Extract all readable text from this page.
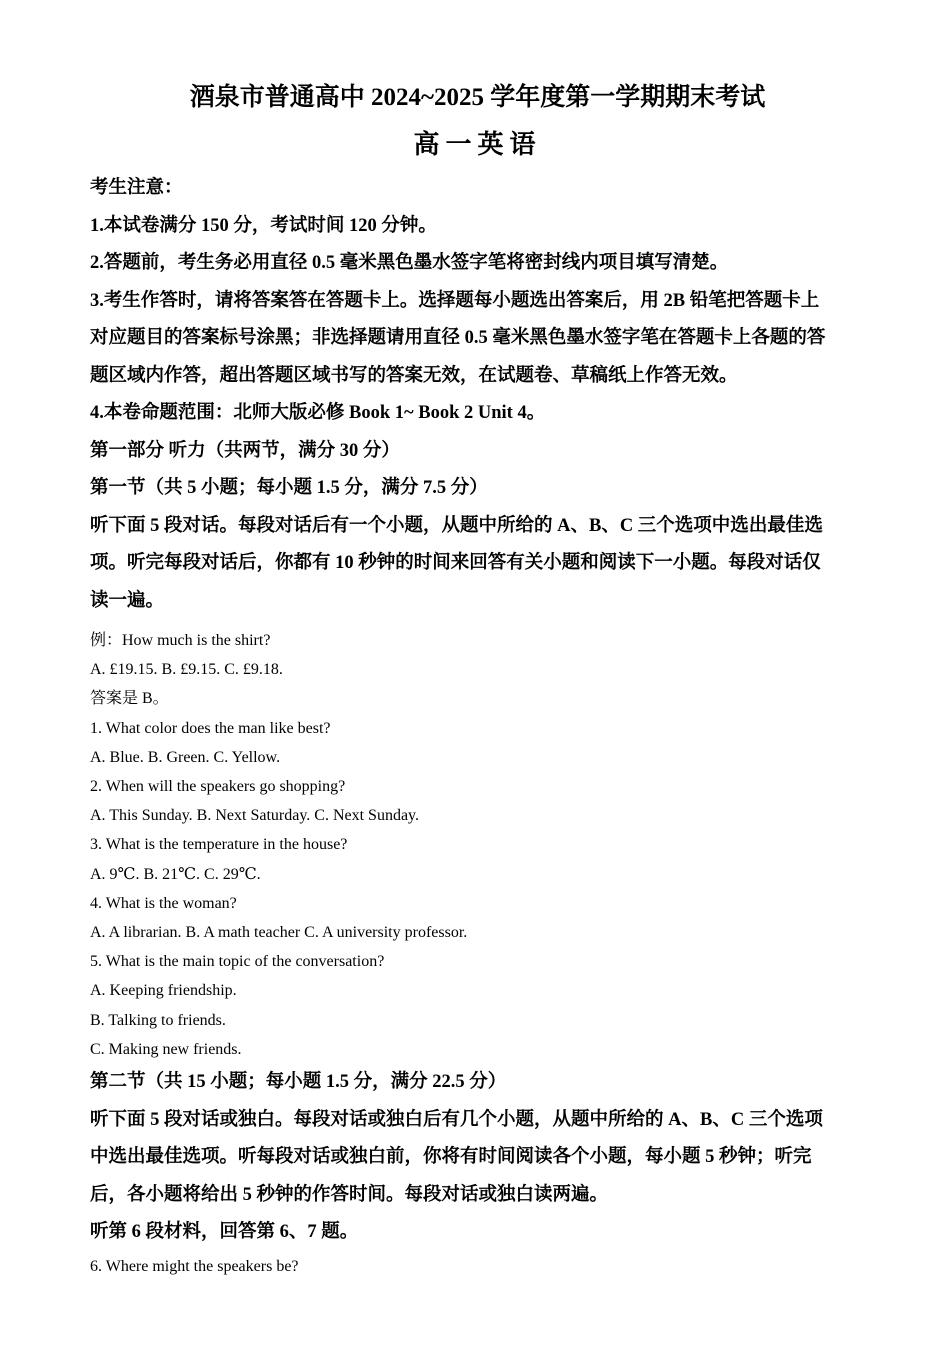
酒泉市普通高中 2024~2025 学年度第一学期期末考试

高一英语

考生注意：

1.本试卷满分 150 分，考试时间 120 分钟。

2.答题前，考生务必用直径 0.5 毫米黑色墨水签字笔将密封线内项目填写清楚。

3.考生作答时，请将答案答在答题卡上。选择题每小题选出答案后，用 2B 铅笔把答题卡上

对应题目的答案标号涂黑；非选择题请用直径 0.5 毫米黑色墨水签字笔在答题卡上各题的答

题区域内作答，超出答题区域书写的答案无效，在试题卷、草稿纸上作答无效。

4.本卷命题范围：北师大版必修 Book 1~ Book 2 Unit 4。

第一部分 听力（共两节，满分 30 分）

第一节（共 5 小题；每小题 1.5 分，满分 7.5 分）

听下面 5 段对话。每段对话后有一个小题，从题中所给的 A、B、C 三个选项中选出最佳选

项。听完每段对话后，你都有 10 秒钟的时间来回答有关小题和阅读下一小题。每段对话仅

读一遍。

例：How much is the shirt?

A. £19.15. B. £9.15. C. £9.18.

答案是 B。

1. What color does the man like best?

A. Blue. B. Green. C. Yellow.

2. When will the speakers go shopping?

A. This Sunday. B. Next Saturday. C. Next Sunday.

3. What is the temperature in the house?

A. 9℃. B. 21℃. C. 29℃.

4. What is the woman?

A. A librarian. B. A math teacher C. A university professor.

5. What is the main topic of the conversation?

A. Keeping friendship.

B. Talking to friends.

C. Making new friends.

第二节（共 15 小题；每小题 1.5 分，满分 22.5 分）

听下面 5 段对话或独白。每段对话或独白后有几个小题，从题中所给的 A、B、C 三个选项

中选出最佳选项。听每段对话或独白前，你将有时间阅读各个小题，每小题 5 秒钟；听完

后，各小题将给出 5 秒钟的作答时间。每段对话或独白读两遍。

听第 6 段材料，回答第 6、7 题。

6. Where might the speakers be?
